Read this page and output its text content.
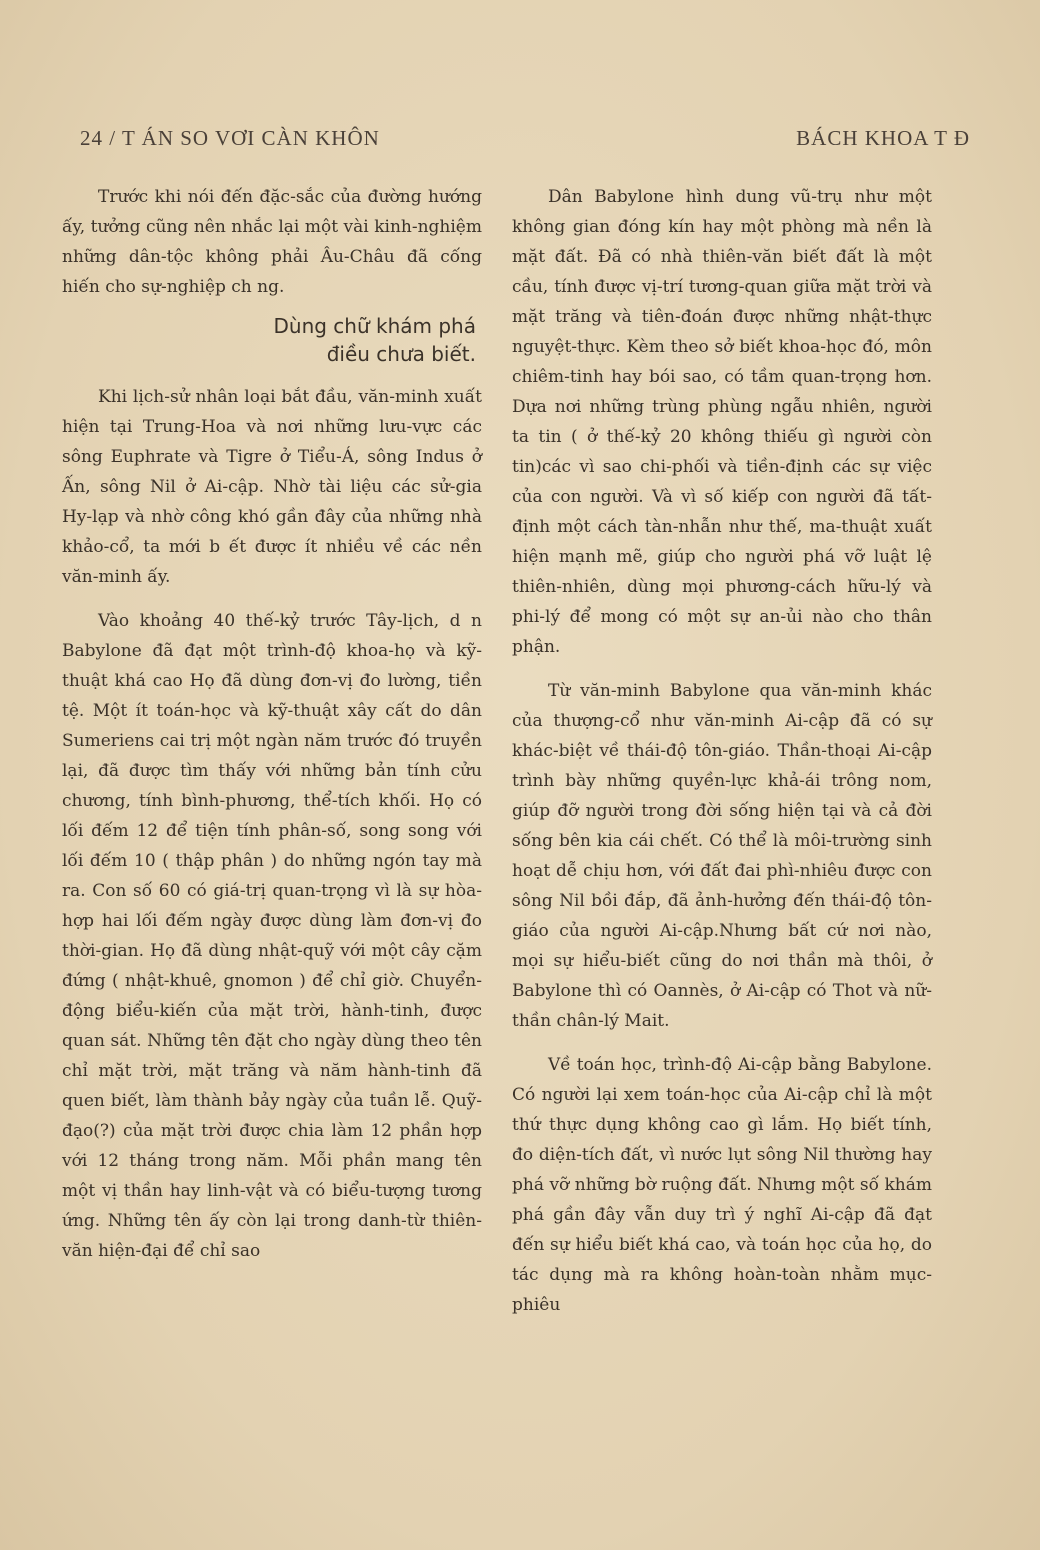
24 / T ÁN SO VƠI CÀN KHÔN	BÁCH KHOA T Đ

Trước khi nói đến đặc-sắc của đường hướng ấy, tưởng cũng nên nhắc lại một vài kinh-nghiệm những dân-tộc không phải Âu-Châu đã cống hiến cho sự-nghiệp ch ng.

Dùng chữ khám phá
điều chưa biết.

Khi lịch-sử nhân loại bắt đầu, văn-minh xuất hiện tại Trung-Hoa và nơi những lưu-vực các sông Euphrate và Tigre ở Tiểu-Á, sông Indus ở Ấn, sông Nil ở Ai-cập. Nhờ tài liệu các sử-gia Hy-lạp và nhờ công khó gần đây của những nhà khảo-cổ, ta mới b ết được ít nhiều về các nền văn-minh ấy.

Vào khoảng 40 thế-kỷ trước Tây-lịch, d n Babylone đã đạt một trình-độ khoa-họ và kỹ-thuật khá cao Họ đã dùng đơn-vị đo lường, tiền tệ. Một ít toán-học và kỹ-thuật xây cất do dân Sumeriens cai trị một ngàn năm trước đó truyền lại, đã được tìm thấy với những bản tính cửu chương, tính bình-phương, thể-tích khối. Họ có lối đếm 12 để tiện tính phân-số, song song với lối đếm 10 ( thập phân ) do những ngón tay mà ra. Con số 60 có giá-trị quan-trọng vì là sự hòa-hợp hai lối đếm ngày được dùng làm đơn-vị đo thời-gian. Họ đã dùng nhật-quỹ với một cây cặm đứng ( nhật-khuê, gnomon ) để chỉ giờ. Chuyển-động biểu-kiến của mặt trời, hành-tinh, được quan sát. Những tên đặt cho ngày dùng theo tên chỉ mặt trời, mặt trăng và năm hành-tinh đã quen biết, làm thành bảy ngày của tuần lễ. Quỹ-đạo(?) của mặt trời được chia làm 12 phần hợp với 12 tháng trong năm. Mỗi phần mang tên một vị thần hay linh-vật và có biểu-tượng tương ứng. Những tên ấy còn lại trong danh-từ thiên-văn hiện-đại để chỉ sao

Dân Babylone hình dung vũ-trụ như một không gian đóng kín hay một phòng mà nền là mặt đất. Đã có nhà thiên-văn biết đất là một cầu, tính được vị-trí tương-quan giữa mặt trời và mặt trăng và tiên-đoán được những nhật-thực nguyệt-thực. Kèm theo sở biết khoa-học đó, môn chiêm-tinh hay bói sao, có tầm quan-trọng hơn. Dựa nơi những trùng phùng ngẫu nhiên, người ta tin ( ở thế-kỷ 20 không thiếu gì người còn tin)các vì sao chi-phối và tiền-định các sự việc của con người. Và vì số kiếp con người đã tất-định một cách tàn-nhẫn như thế, ma-thuật xuất hiện mạnh mẽ, giúp cho người phá vỡ luật lệ thiên-nhiên, dùng mọi phương-cách hữu-lý và phi-lý để mong có một sự an-ủi nào cho thân phận.

Từ văn-minh Babylone qua văn-minh khác của thượng-cổ như văn-minh Ai-cập đã có sự khác-biệt về thái-độ tôn-giáo. Thần-thoại Ai-cập trình bày những quyền-lực khả-ái trông nom, giúp đỡ người trong đời sống hiện tại và cả đời sống bên kia cái chết. Có thể là môi-trường sinh hoạt dễ chịu hơn, với đất đai phì-nhiêu được con sông Nil bồi đắp, đã ảnh-hưởng đến thái-độ tôn-giáo của người Ai-cập.Nhưng bất cứ nơi nào, mọi sự hiểu-biết cũng do nơi thần mà thôi, ở Babylone thì có Oannès, ở Ai-cập có Thot và nữ-thần chân-lý Mait.

Về toán học, trình-độ Ai-cập bằng Babylone. Có người lại xem toán-học của Ai-cập chỉ là một thứ thực dụng không cao gì lắm. Họ biết tính, đo diện-tích đất, vì nước lụt sông Nil thường hay phá vỡ những bờ ruộng đất. Nhưng một số khám phá gần đây vẫn duy trì ý nghĩ Ai-cập đã đạt đến sự hiểu biết khá cao, và toán học của họ, do tác dụng mà ra không hoàn-toàn nhằm mục-phiêu
